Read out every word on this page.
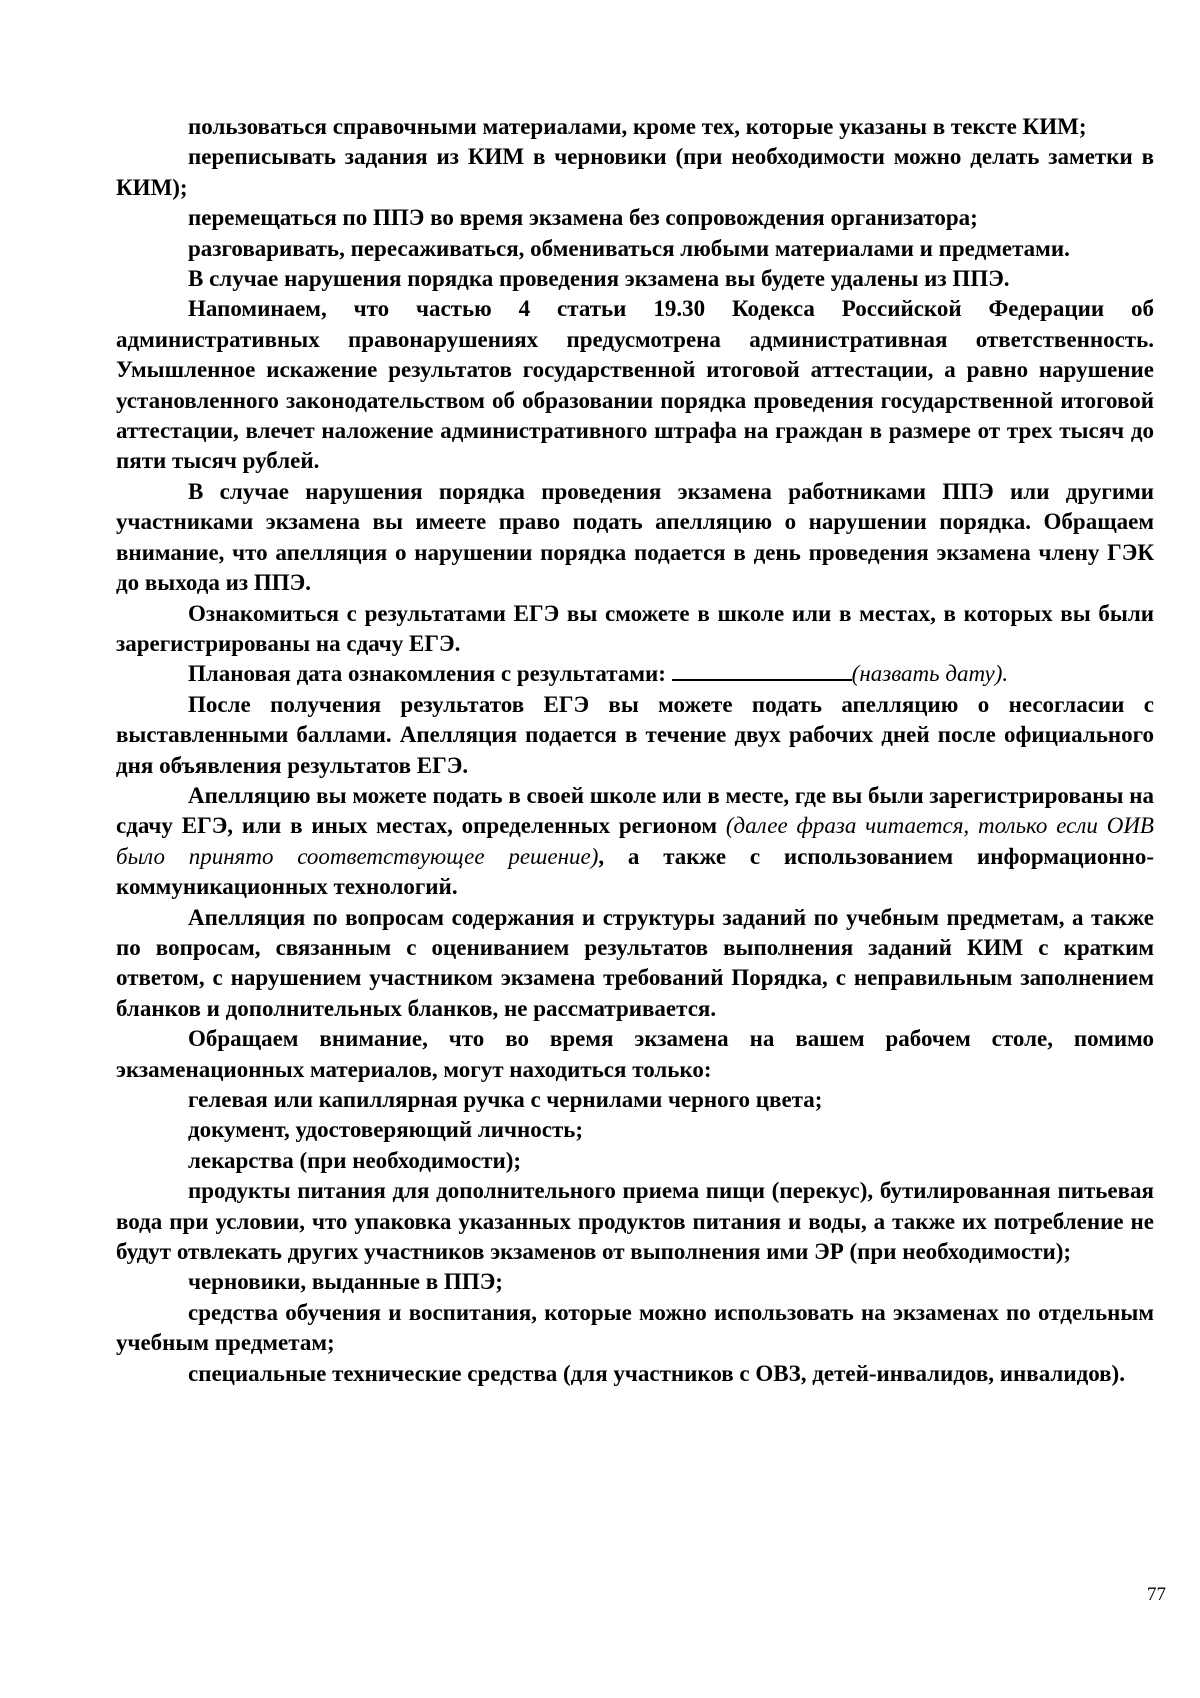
пользоваться справочными материалами, кроме тех, которые указаны в тексте КИМ;

переписывать задания из КИМ в черновики (при необходимости можно делать заметки в КИМ);

перемещаться по ППЭ во время экзамена без сопровождения организатора;

разговаривать, пересаживаться, обмениваться любыми материалами и предметами.

В случае нарушения порядка проведения экзамена вы будете удалены из ППЭ.

Напоминаем, что частью 4 статьи 19.30 Кодекса Российской Федерации об административных правонарушениях предусмотрена административная ответственность. Умышленное искажение результатов государственной итоговой аттестации, а равно нарушение установленного законодательством об образовании порядка проведения государственной итоговой аттестации, влечет наложение административного штрафа на граждан в размере от трех тысяч до пяти тысяч рублей.

В случае нарушения порядка проведения экзамена работниками ППЭ или другими участниками экзамена вы имеете право подать апелляцию о нарушении порядка. Обращаем внимание, что апелляция о нарушении порядка подается в день проведения экзамена члену ГЭК до выхода из ППЭ.

Ознакомиться с результатами ЕГЭ вы сможете в школе или в местах, в которых вы были зарегистрированы на сдачу ЕГЭ.

Плановая дата ознакомления с результатами:	(назвать дату).

После получения результатов ЕГЭ вы можете подать апелляцию о несогласии с выставленными баллами. Апелляция подается в течение двух рабочих дней после официального дня объявления результатов ЕГЭ.

Апелляцию вы можете подать в своей школе или в месте, где вы были зарегистрированы на сдачу ЕГЭ, или в иных местах, определенных регионом (далее фраза читается, только если ОИВ было принято соответствующее решение), а также с использованием информационно-коммуникационных технологий.

Апелляция по вопросам содержания и структуры заданий по учебным предметам, а также по вопросам, связанным с оцениванием результатов выполнения заданий КИМ с кратким ответом, с нарушением участником экзамена требований Порядка, с неправильным заполнением бланков и дополнительных бланков, не рассматривается.

Обращаем внимание, что во время экзамена на вашем рабочем столе, помимо экзаменационных материалов, могут находиться только:

гелевая или капиллярная ручка с чернилами черного цвета;

документ, удостоверяющий личность;

лекарства (при необходимости);

продукты питания для дополнительного приема пищи (перекус), бутилированная питьевая вода при условии, что упаковка указанных продуктов питания и воды, а также их потребление не будут отвлекать других участников экзаменов от выполнения ими ЭР (при необходимости);

черновики, выданные в ППЭ;

средства обучения и воспитания, которые можно использовать на экзаменах по отдельным учебным предметам;

специальные технические средства (для участников с ОВЗ, детей-инвалидов, инвалидов).

77
